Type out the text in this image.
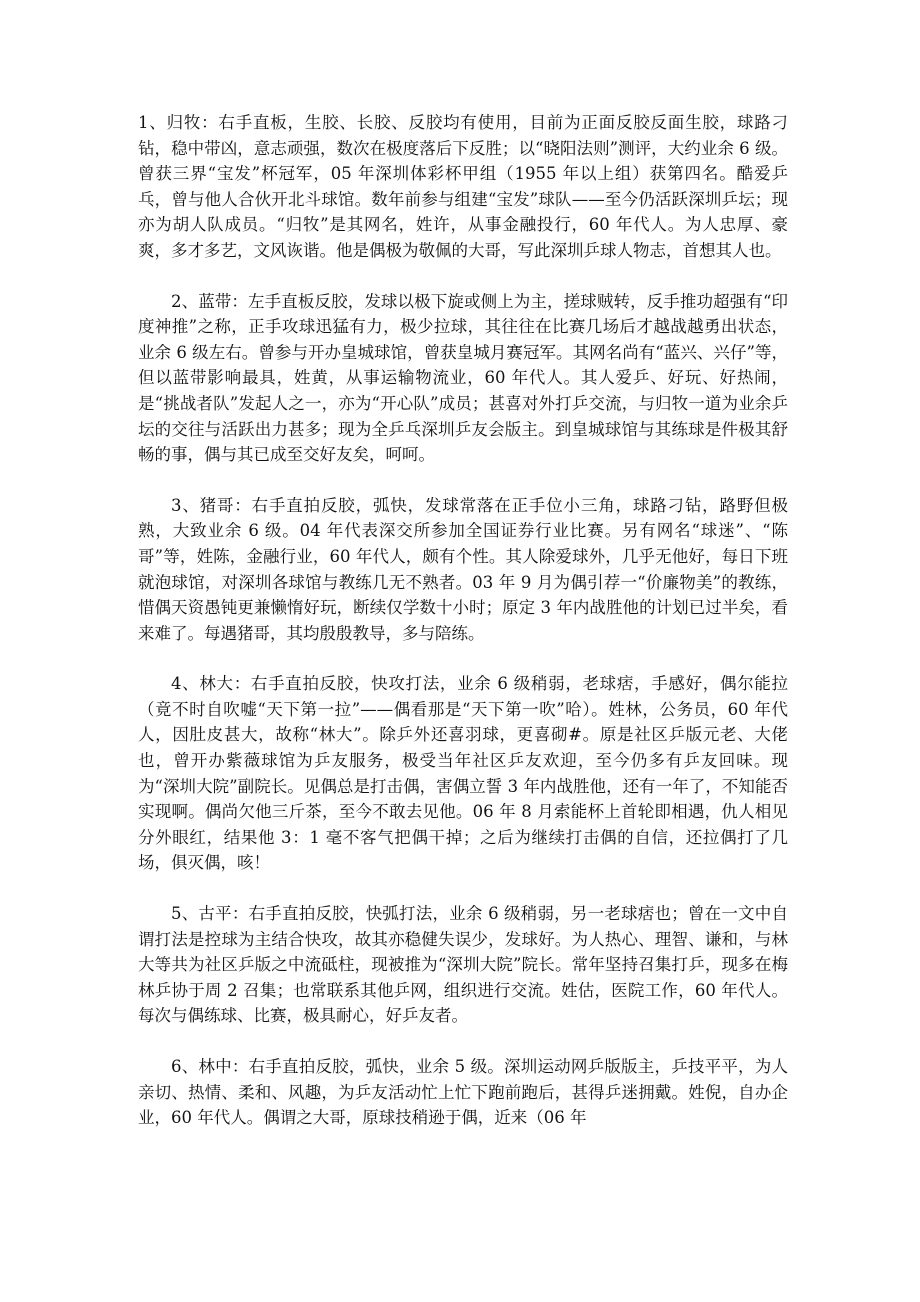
1、归牧：右手直板，生胶、长胶、反胶均有使用，目前为正面反胶反面生胶，球路刁钻，稳中带凶，意志顽强，数次在极度落后下反胜；以“晓阳法则”测评，大约业余 6 级。曾获三界“宝发”杯冠军，05 年深圳体彩杯甲组（1955 年以上组）获第四名。酷爱乒乓，曾与他人合伙开北斗球馆。数年前参与组建“宝发”球队——至今仍活跃深圳乒坛；现亦为胡人队成员。“归牧”是其网名，姓许，从事金融投行，60 年代人。为人忠厚、豪爽，多才多艺，文风诙谐。他是偶极为敬佩的大哥，写此深圳乒球人物志，首想其人也。

2、蓝带：左手直板反胶，发球以极下旋或侧上为主，搓球贼转，反手推功超强有“印度神推”之称，正手攻球迅猛有力，极少拉球，其往往在比赛几场后才越战越勇出状态，业余 6 级左右。曾参与开办皇城球馆，曾获皇城月赛冠军。其网名尚有“蓝兴、兴仔”等，但以蓝带影响最具，姓黄，从事运输物流业，60 年代人。其人爱乒、好玩、好热闹，是“挑战者队”发起人之一，亦为“开心队”成员；甚喜对外打乒交流，与归牧一道为业余乒坛的交往与活跃出力甚多；现为全乒乓深圳乒友会版主。到皇城球馆与其练球是件极其舒畅的事，偶与其已成至交好友矣，呵呵。

3、猪哥：右手直拍反胶，弧快，发球常落在正手位小三角，球路刁钻，路野但极熟，大致业余 6 级。04 年代表深交所参加全国证券行业比赛。另有网名“球迷”、“陈哥”等，姓陈，金融行业，60 年代人，颇有个性。其人除爱球外，几乎无他好，每日下班就泡球馆，对深圳各球馆与教练几无不熟者。03 年 9 月为偶引荐一“价廉物美”的教练，惜偶天资愚钝更兼懒惰好玩，断续仅学数十小时；原定 3 年内战胜他的计划已过半矣，看来难了。每遇猪哥，其均殷殷教导，多与陪练。

4、林大：右手直拍反胶，快攻打法，业余 6 级稍弱，老球痞，手感好，偶尔能拉（竟不时自吹嘘“天下第一拉”——偶看那是“天下第一吹”哈）。姓林，公务员，60 年代人，因肚皮甚大，故称“林大”。除乒外还喜羽球，更喜砌#。原是社区乒版元老、大佬也，曾开办紫薇球馆为乒友服务，极受当年社区乒友欢迎，至今仍多有乒友回味。现为“深圳大院”副院长。见偶总是打击偶，害偶立誓 3 年内战胜他，还有一年了，不知能否实现啊。偶尚欠他三斤茶，至今不敢去见他。06 年 8 月索能杯上首轮即相遇，仇人相见分外眼红，结果他 3：1 毫不客气把偶干掉；之后为继续打击偶的自信，还拉偶打了几场，俱灭偶，咳！

5、古平：右手直拍反胶，快弧打法，业余 6 级稍弱，另一老球痞也；曾在一文中自谓打法是控球为主结合快攻，故其亦稳健失误少，发球好。为人热心、理智、谦和，与林大等共为社区乒版之中流砥柱，现被推为“深圳大院”院长。常年坚持召集打乒，现多在梅林乒协于周 2 召集；也常联系其他乒网，组织进行交流。姓估，医院工作，60 年代人。每次与偶练球、比赛，极具耐心，好乒友者。

6、林中：右手直拍反胶，弧快，业余 5 级。深圳运动网乒版版主，乒技平平，为人亲切、热情、柔和、风趣，为乒友活动忙上忙下跑前跑后，甚得乒迷拥戴。姓倪，自办企业，60 年代人。偶谓之大哥，原球技稍逊于偶，近来（06 年
